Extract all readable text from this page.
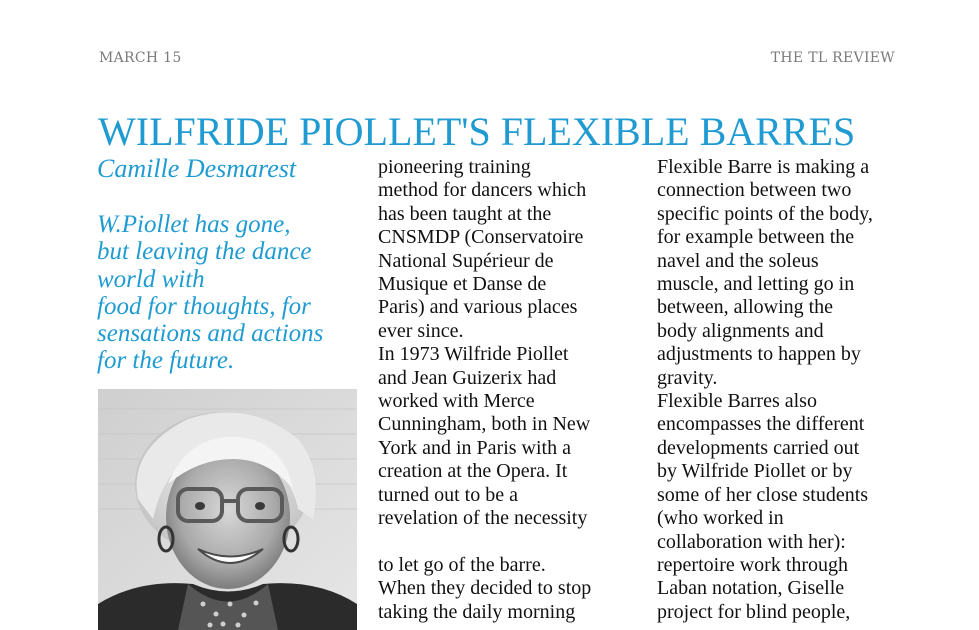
MARCH 15	THE TL REVIEW
WILFRIDE PIOLLET'S FLEXIBLE BARRES

Camille Desmarest

W.Piollet has gone,
but leaving the dance
world with
food for thoughts, for
sensations and actions
for the future.

pioneering training
method for dancers which
has been taught at the
CNSMDP (Conservatoire
National Supérieur de
Musique et Danse de
Paris) and various places
ever since.

In 1973 Wilfride Piollet
and Jean Guizerix had
worked with Merce
Cunningham, both in New
York and in Paris with a
creation at the Opera. It
turned out to be a
revelation of the necessity

to let go of the barre.
When they decided to stop
taking the daily morning

Flexible Barre is making a
connection between two
specific points of the body,
for example between the
navel and the soleus
muscle, and letting go in
between, allowing the
body alignments and
adjustments to happen by
gravity.

Flexible Barres also
encompasses the different
developments carried out
by Wilfride Piollet or by
some of her close students
(who worked in
collaboration with her):
repertoire work through
Laban notation, Giselle
project for blind people,
